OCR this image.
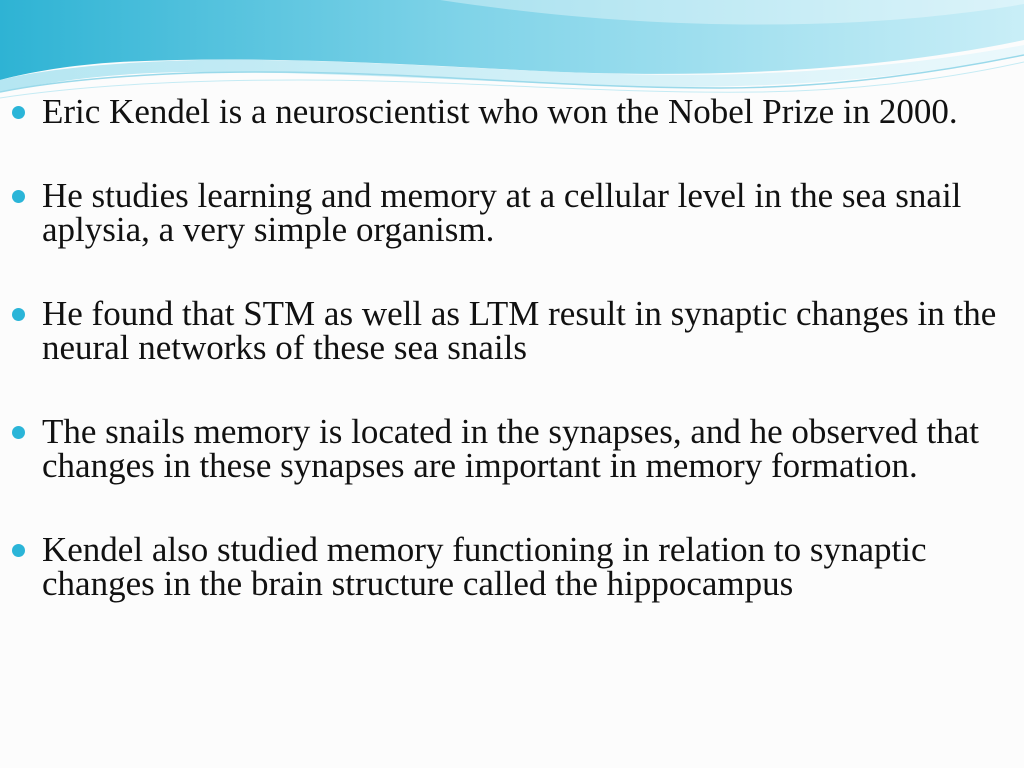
Eric Kendel is a neuroscientist who won the Nobel Prize in 2000.
He studies learning and memory at a cellular level in the sea snail aplysia, a very simple organism.
He found that STM as well as LTM result in synaptic changes in the neural networks of these sea snails
The snails memory is located in the synapses, and he observed that changes in these synapses are important in memory formation.
Kendel also studied memory functioning in relation to synaptic changes in the brain structure called the hippocampus
